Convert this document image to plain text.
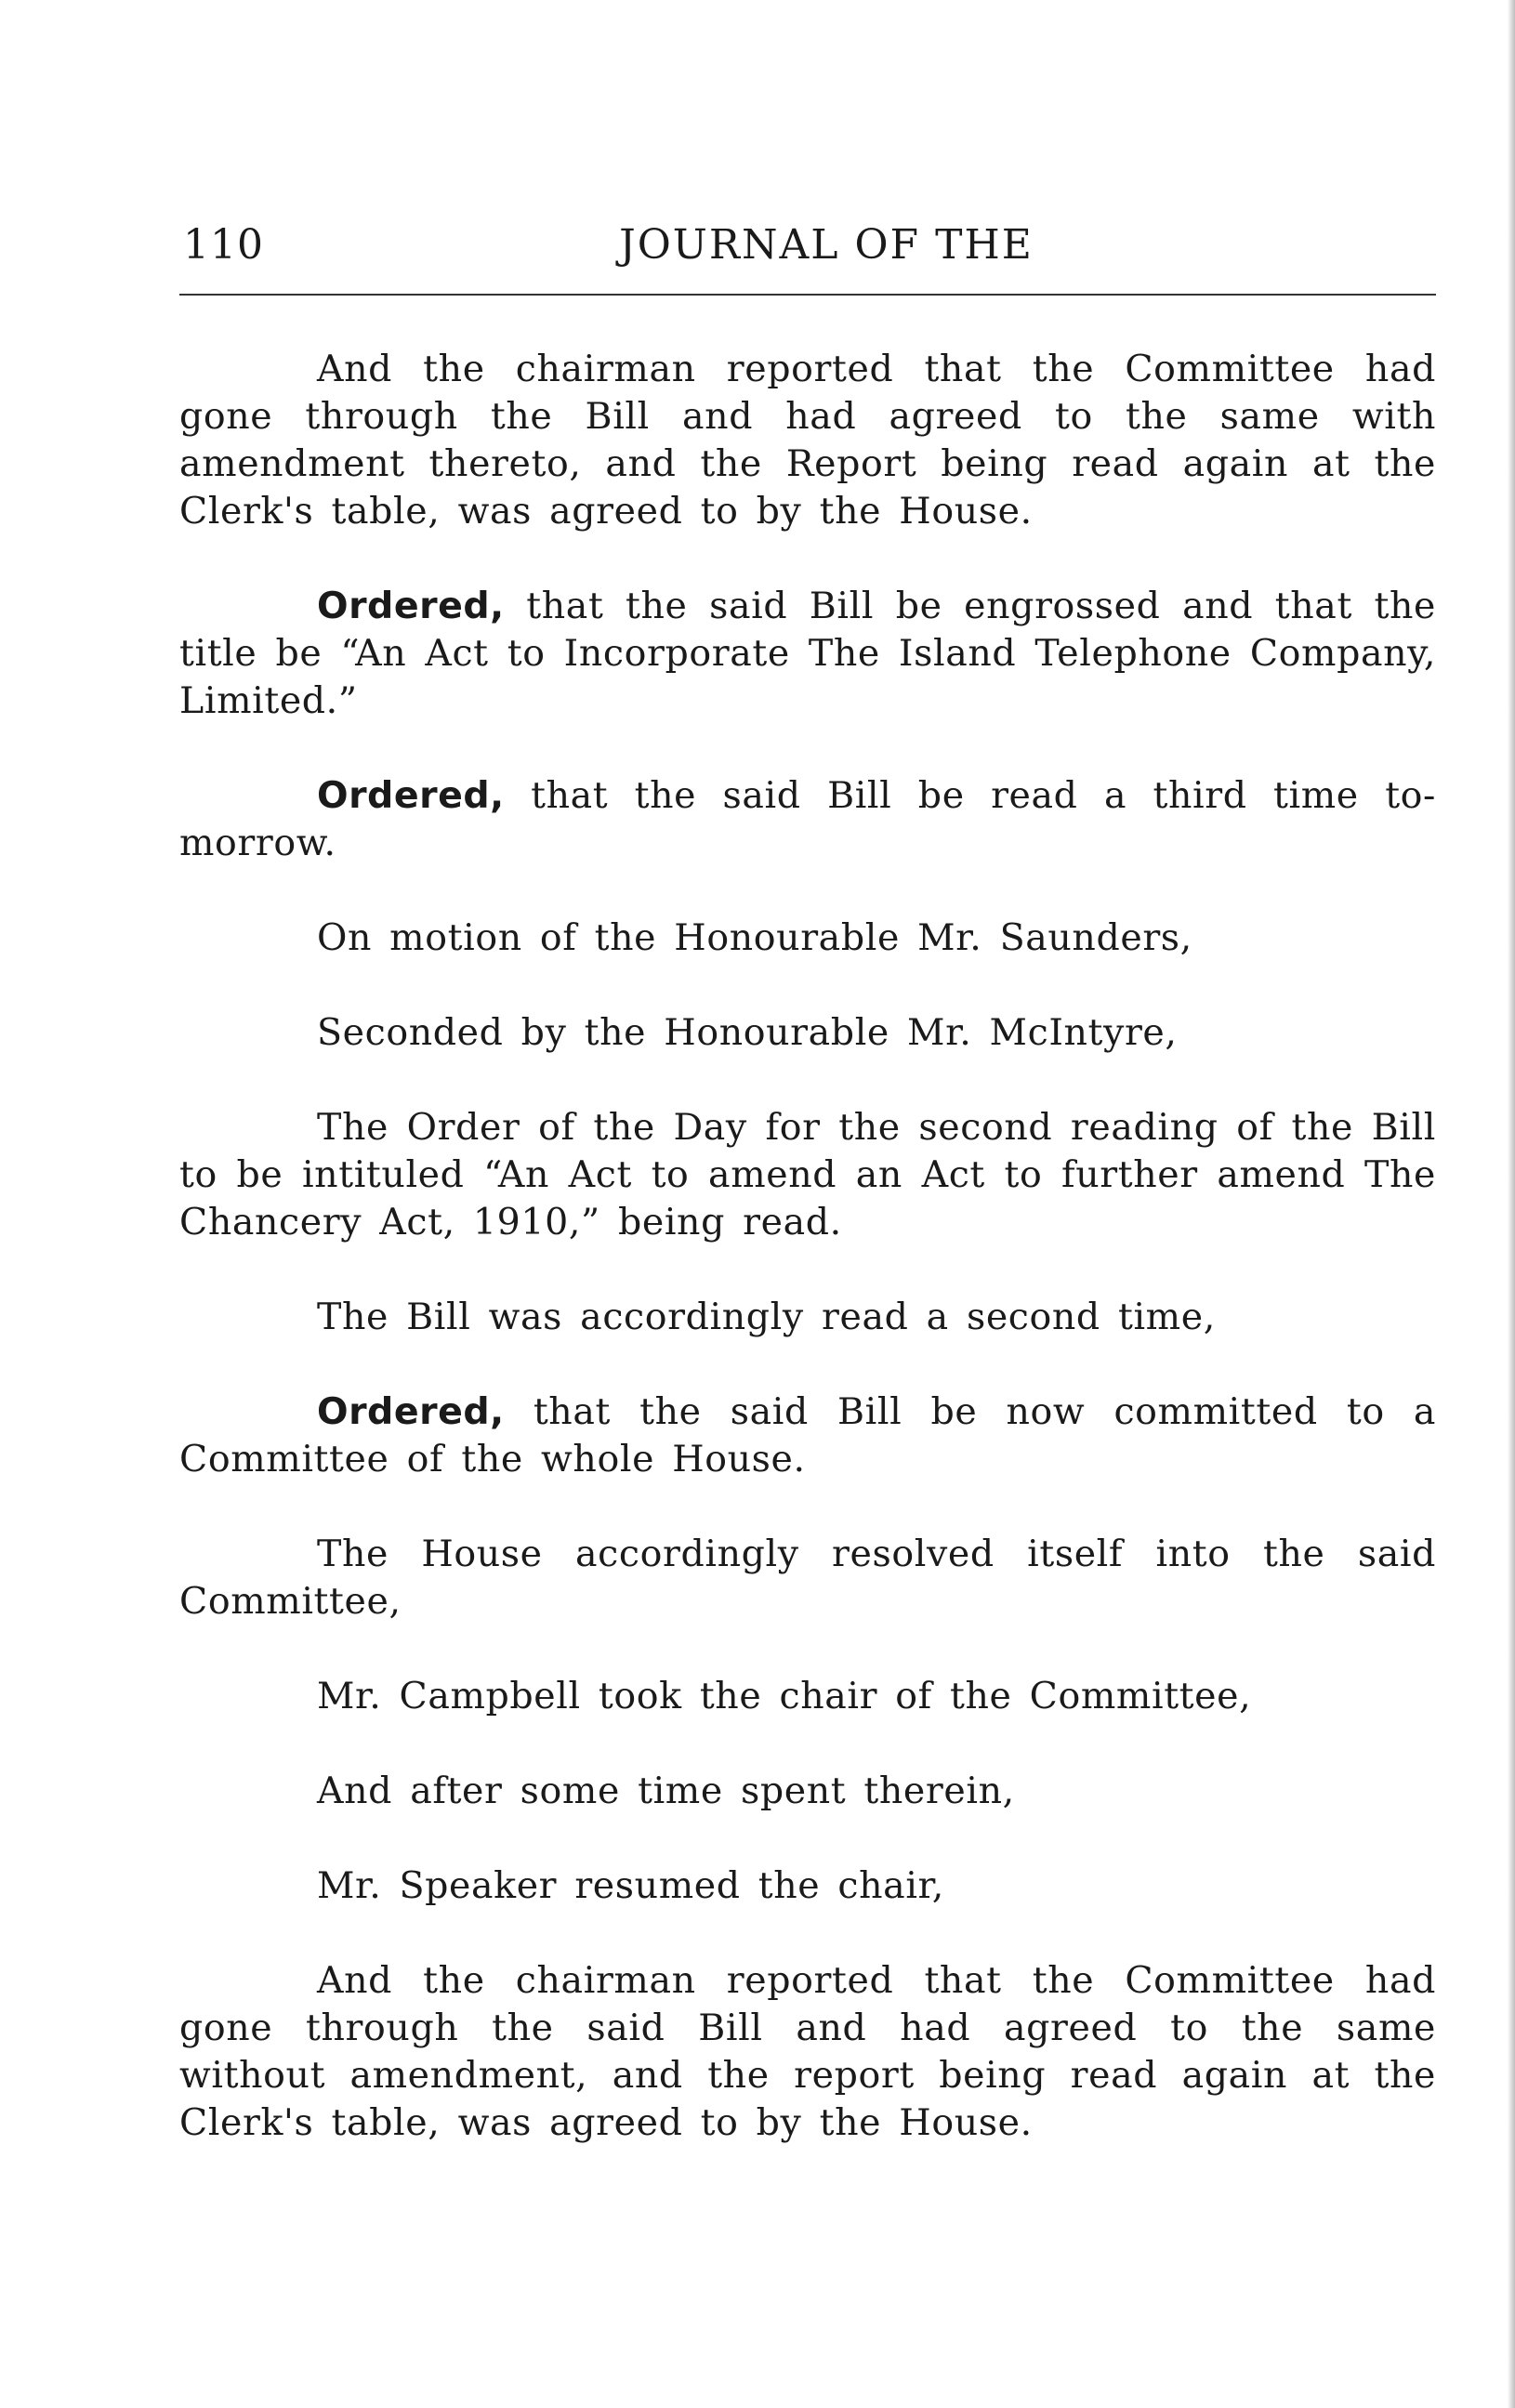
110	JOURNAL OF THE

And the chairman reported that the Committee had gone through the Bill and had agreed to the same with amendment thereto, and the Report being read again at the Clerk's table, was agreed to by the House.

Ordered, that the said Bill be engrossed and that the title be “An Act to Incorporate The Island Telephone Company, Limited.”

Ordered, that the said Bill be read a third time to-morrow.

On motion of the Honourable Mr. Saunders,

Seconded by the Honourable Mr. McIntyre,

The Order of the Day for the second reading of the Bill to be intituled “An Act to amend an Act to further amend The Chancery Act, 1910,” being read.

The Bill was accordingly read a second time,

Ordered, that the said Bill be now committed to a Committee of the whole House.

The House accordingly resolved itself into the said Committee,

Mr. Campbell took the chair of the Committee,

And after some time spent therein,

Mr. Speaker resumed the chair,

And the chairman reported that the Committee had gone through the said Bill and had agreed to the same without amendment, and the report being read again at the Clerk's table, was agreed to by the House.
